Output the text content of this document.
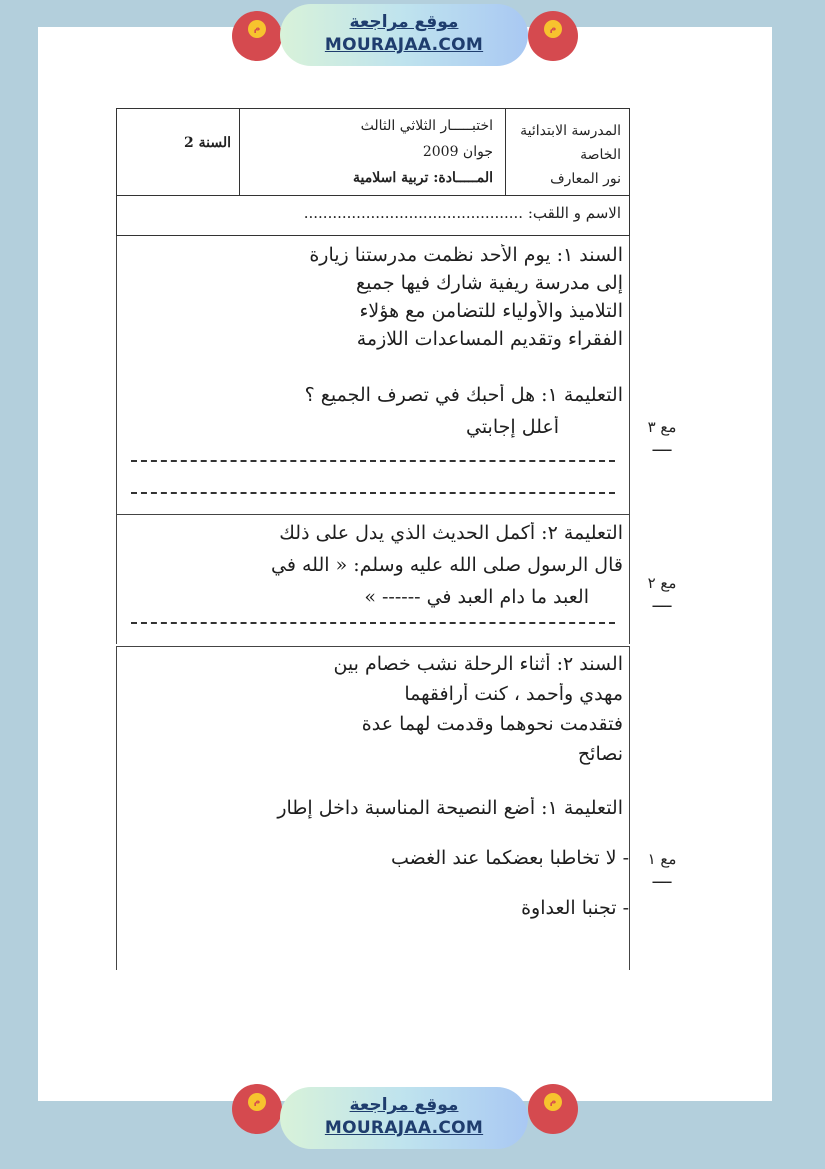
م	موقع مراجعة
MOURAJAA.COM
م
المدرسة الابتدائية
الخاصة
نور المعارف
اختبـــــار الثلاثي الثالث
جوان 2009
المـــــادة: تربية اسلامية
السنة 2
الاسم و اللقب: ..............................................
السند ١: يوم الأحد نظمت مدرستنا زيارة
إلى مدرسة ريفية شارك فيها جميع
التلاميذ والأولياء للتضامن مع هؤلاء
الفقراء وتقديم المساعدات اللازمة
التعليمة ١: هل أحبك في تصرف الجميع ؟
أعلل إجابتي
التعليمة ٢: أكمل الحديث الذي يدل على ذلك
قال الرسول صلى الله عليه وسلم: « الله في
العبد ما دام العبد في ------ »
السند ٢: أثناء الرحلة نشب خصام بين
مهدي وأحمد ، كنت أرافقهما
فتقدمت نحوهما وقدمت لهما عدة
نصائح
التعليمة ١: أضع النصيحة المناسبة داخل إطار
- لا تخاطبا بعضكما عند الغضب
- تجنبا العداوة
مع ٣
ــــ
مع ٢
ــــ
مع ١
ــــ
م	موقع مراجعة
MOURAJAA.COM
م
